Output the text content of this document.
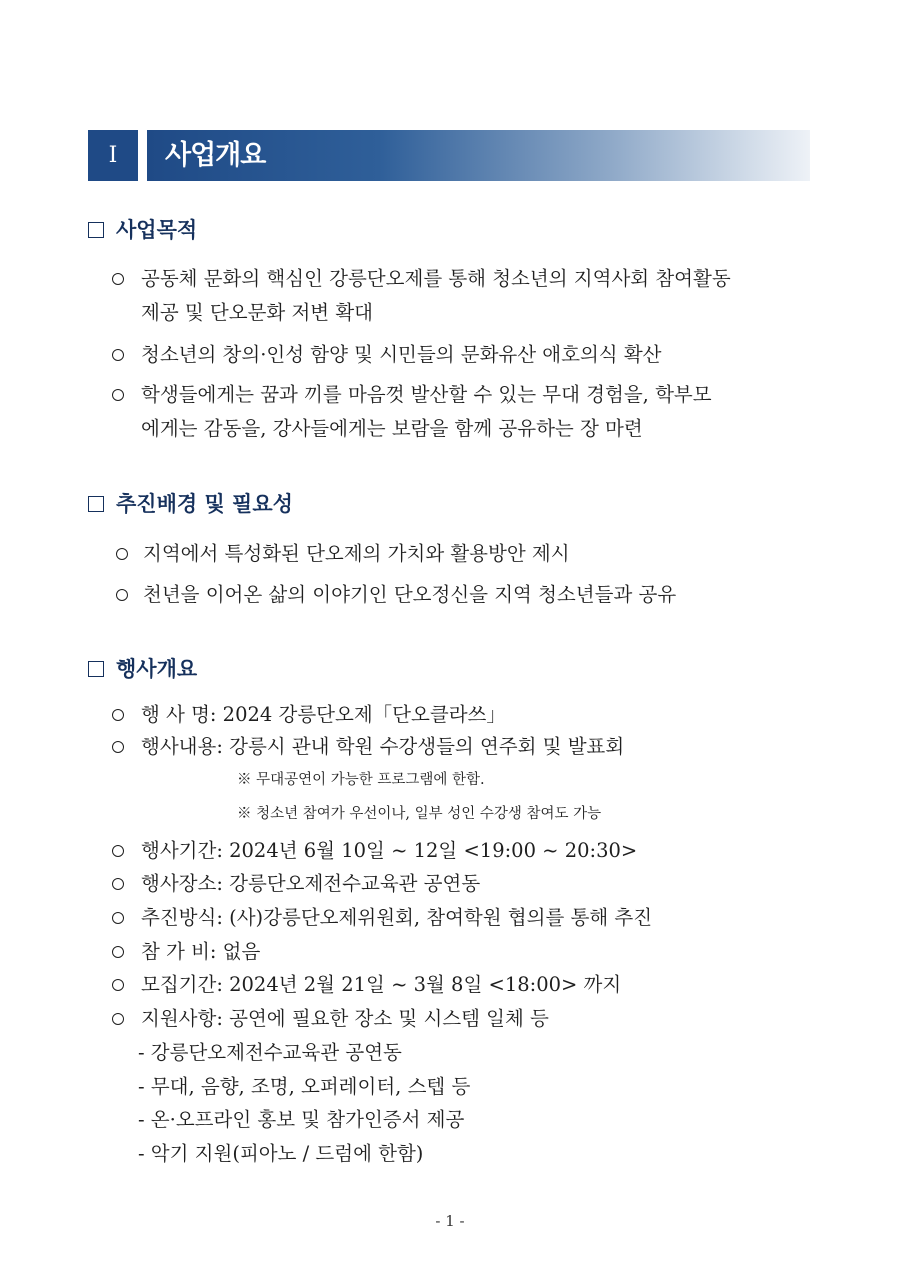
I	사업개요
사업목적
공동체 문화의 핵심인 강릉단오제를 통해 청소년의 지역사회 참여활동
제공 및 단오문화 저변 확대
청소년의 창의·인성 함양 및 시민들의 문화유산 애호의식 확산
학생들에게는 꿈과 끼를 마음껏 발산할 수 있는 무대 경험을, 학부모
에게는 감동을, 강사들에게는 보람을 함께 공유하는 장 마련
추진배경 및 필요성
지역에서 특성화된 단오제의 가치와 활용방안 제시
천년을 이어온 삶의 이야기인 단오정신을 지역 청소년들과 공유
행사개요
행 사 명: 2024 강릉단오제「단오클라쓰」
행사내용: 강릉시 관내 학원 수강생들의 연주회 및 발표회
※ 무대공연이 가능한 프로그램에 한함.
※ 청소년 참여가 우선이나, 일부 성인 수강생 참여도 가능
행사기간: 2024년 6월 10일 ~ 12일 <19:00 ~ 20:30>
행사장소: 강릉단오제전수교육관 공연동
추진방식: (사)강릉단오제위원회, 참여학원 협의를 통해 추진
참 가 비: 없음
모집기간: 2024년 2월 21일 ~ 3월 8일 <18:00> 까지
지원사항: 공연에 필요한 장소 및 시스템 일체 등
- 강릉단오제전수교육관 공연동
- 무대, 음향, 조명, 오퍼레이터, 스텝 등
- 온·오프라인 홍보 및 참가인증서 제공
- 악기 지원(피아노 / 드럼에 한함)
- 1 -
